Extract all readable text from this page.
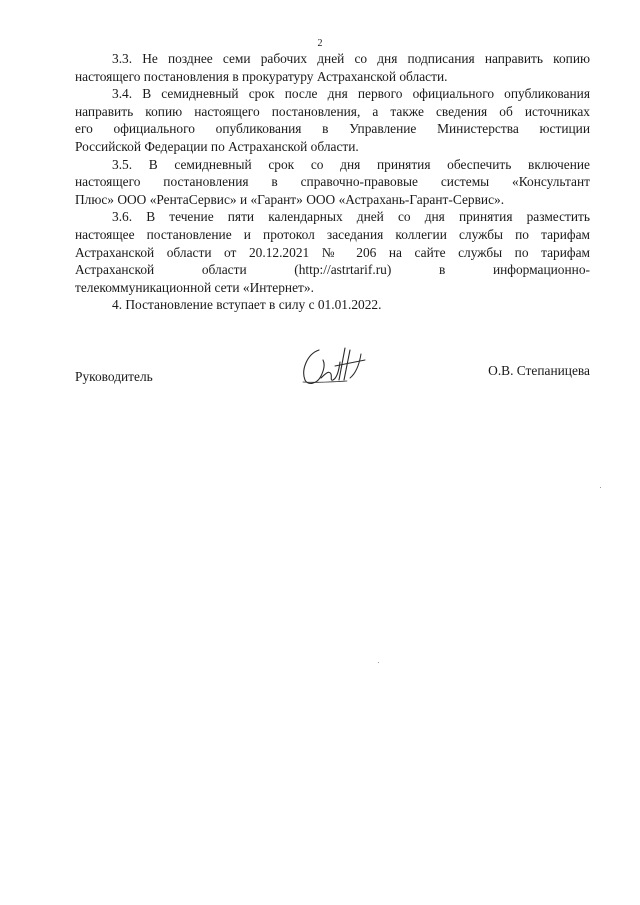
2

3.3. Не позднее семи рабочих дней со дня подписания направить копию
настоящего постановления в прокуратуру Астраханской области.

3.4. В семидневный срок после дня первого официального опубликования
направить копию настоящего постановления, а также сведения об источниках
его официального опубликования в Управление Министерства юстиции
Российской Федерации по Астраханской области.

3.5. В семидневный срок со дня принятия обеспечить включение
настоящего постановления в справочно-правовые системы «Консультант
Плюс» ООО «РентаСервис» и «Гарант» ООО «Астрахань-Гарант-Сервис».

3.6. В течение пяти календарных дней со дня принятия разместить
настоящее постановление и протокол заседания коллегии службы по тарифам
Астраханской области от 20.12.2021 № 206 на сайте службы по тарифам
Астраханской области (http://astrtarif.ru) в информационно-
телекоммуникационной сети «Интернет».

4. Постановление вступает в силу с 01.01.2022.

Руководитель	О.В. Степаницева
